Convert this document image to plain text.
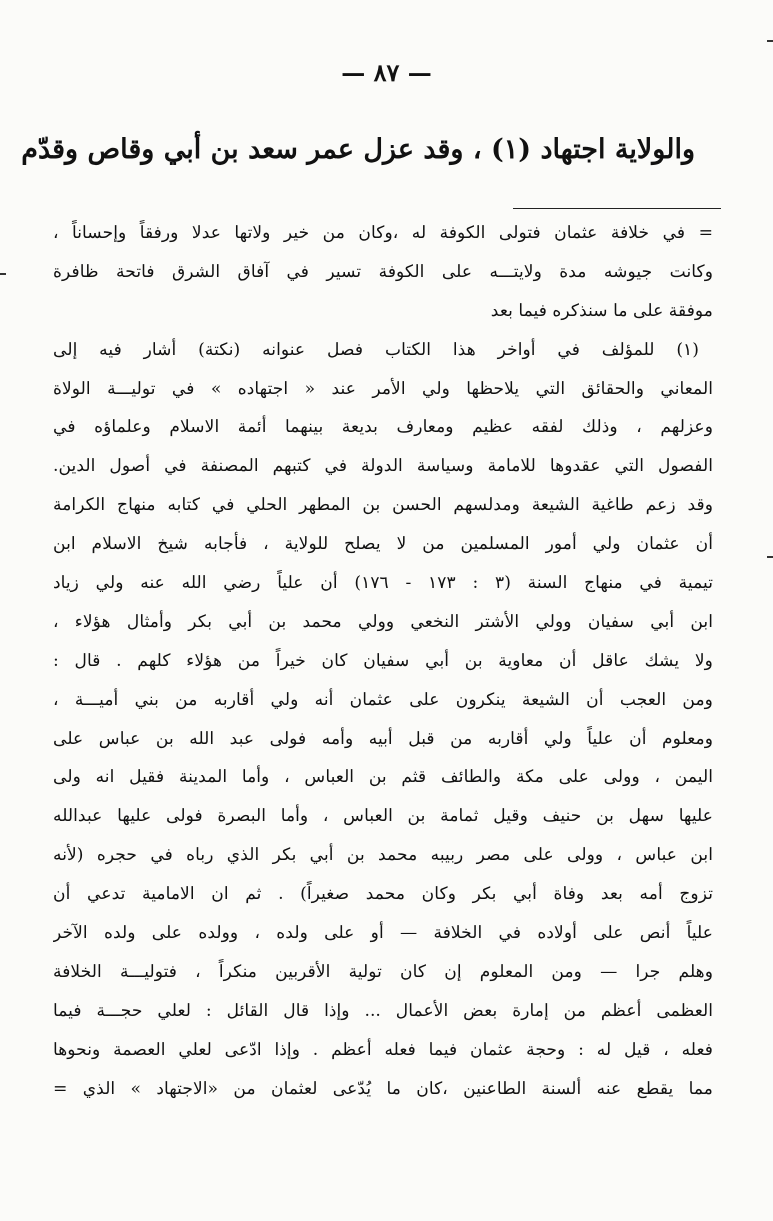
— ٨٧ —
والولاية اجتهاد (١) ، وقد عزل عمر سعد بن أبي وقاص وقدّم
= في خلافة عثمان فتولى الكوفة له ،وكان من خير ولاتها عدلا ورفقاً وإحساناً ،
وكانت جيوشه مدة ولايتـــه على الكوفة تسير في آفاق الشرق فاتحة ظافرة
موفقة على ما سنذكره فيما بعد
(١) للمؤلف في أواخر هذا الكتاب فصل عنوانه (نكتة) أشار فيه إلى
المعاني والحقائق التي يلاحظها ولي الأمر عند « اجتهاده » في توليـــة الولاة
وعزلهم ، وذلك لفقه عظيم ومعارف بديعة بينهما أئمة الاسلام وعلماؤه في
الفصول التي عقدوها للامامة وسياسة الدولة في كتبهم المصنفة في أصول الدين.
وقد زعم طاغية الشيعة ومدلسهم الحسن بن المطهر الحلي في كتابه منهاج الكرامة
أن عثمان ولي أمور المسلمين من لا يصلح للولاية ، فأجابه شيخ الاسلام ابن
تيمية في منهاج السنة (٣ : ١٧٣ - ١٧٦) أن علياً رضي الله عنه ولي زياد
ابن أبي سفيان وولي الأشتر النخعي وولي محمد بن أبي بكر وأمثال هؤلاء ،
ولا يشك عاقل أن معاوية بن أبي سفيان كان خيراً من هؤلاء كلهم . قال :
ومن العجب أن الشيعة ينكرون على عثمان أنه ولي أقاربه من بني أميـــة ،
ومعلوم أن علياً ولي أقاربه من قبل أبيه وأمه فولى عبد الله بن عباس على
اليمن ، وولى على مكة والطائف قثم بن العباس ، وأما المدينة فقيل انه ولى
عليها سهل بن حنيف وقيل ثمامة بن العباس ، وأما البصرة فولى عليها عبدالله
ابن عباس ، وولى على مصر ربيبه محمد بن أبي بكر الذي رباه في حجره (لأنه
تزوج أمه بعد وفاة أبي بكر وكان محمد صغيراً) . ثم ان الامامية تدعي أن
علياً أنص على أولاده في الخلافة — أو على ولده ، وولده على ولده الآخر
وهلم جرا — ومن المعلوم إن كان تولية الأقربين منكراً ، فتوليـــة الخلافة
العظمى أعظم من إمارة بعض الأعمال ... وإذا قال القائل : لعلي حجـــة فيما
فعله ، قيل له : وحجة عثمان فيما فعله أعظم . وإذا ادّعى لعلي العصمة ونحوها
مما يقطع عنه ألسنة الطاعنين ،كان ما يُدّعى لعثمان من «الاجتهاد » الذي =
